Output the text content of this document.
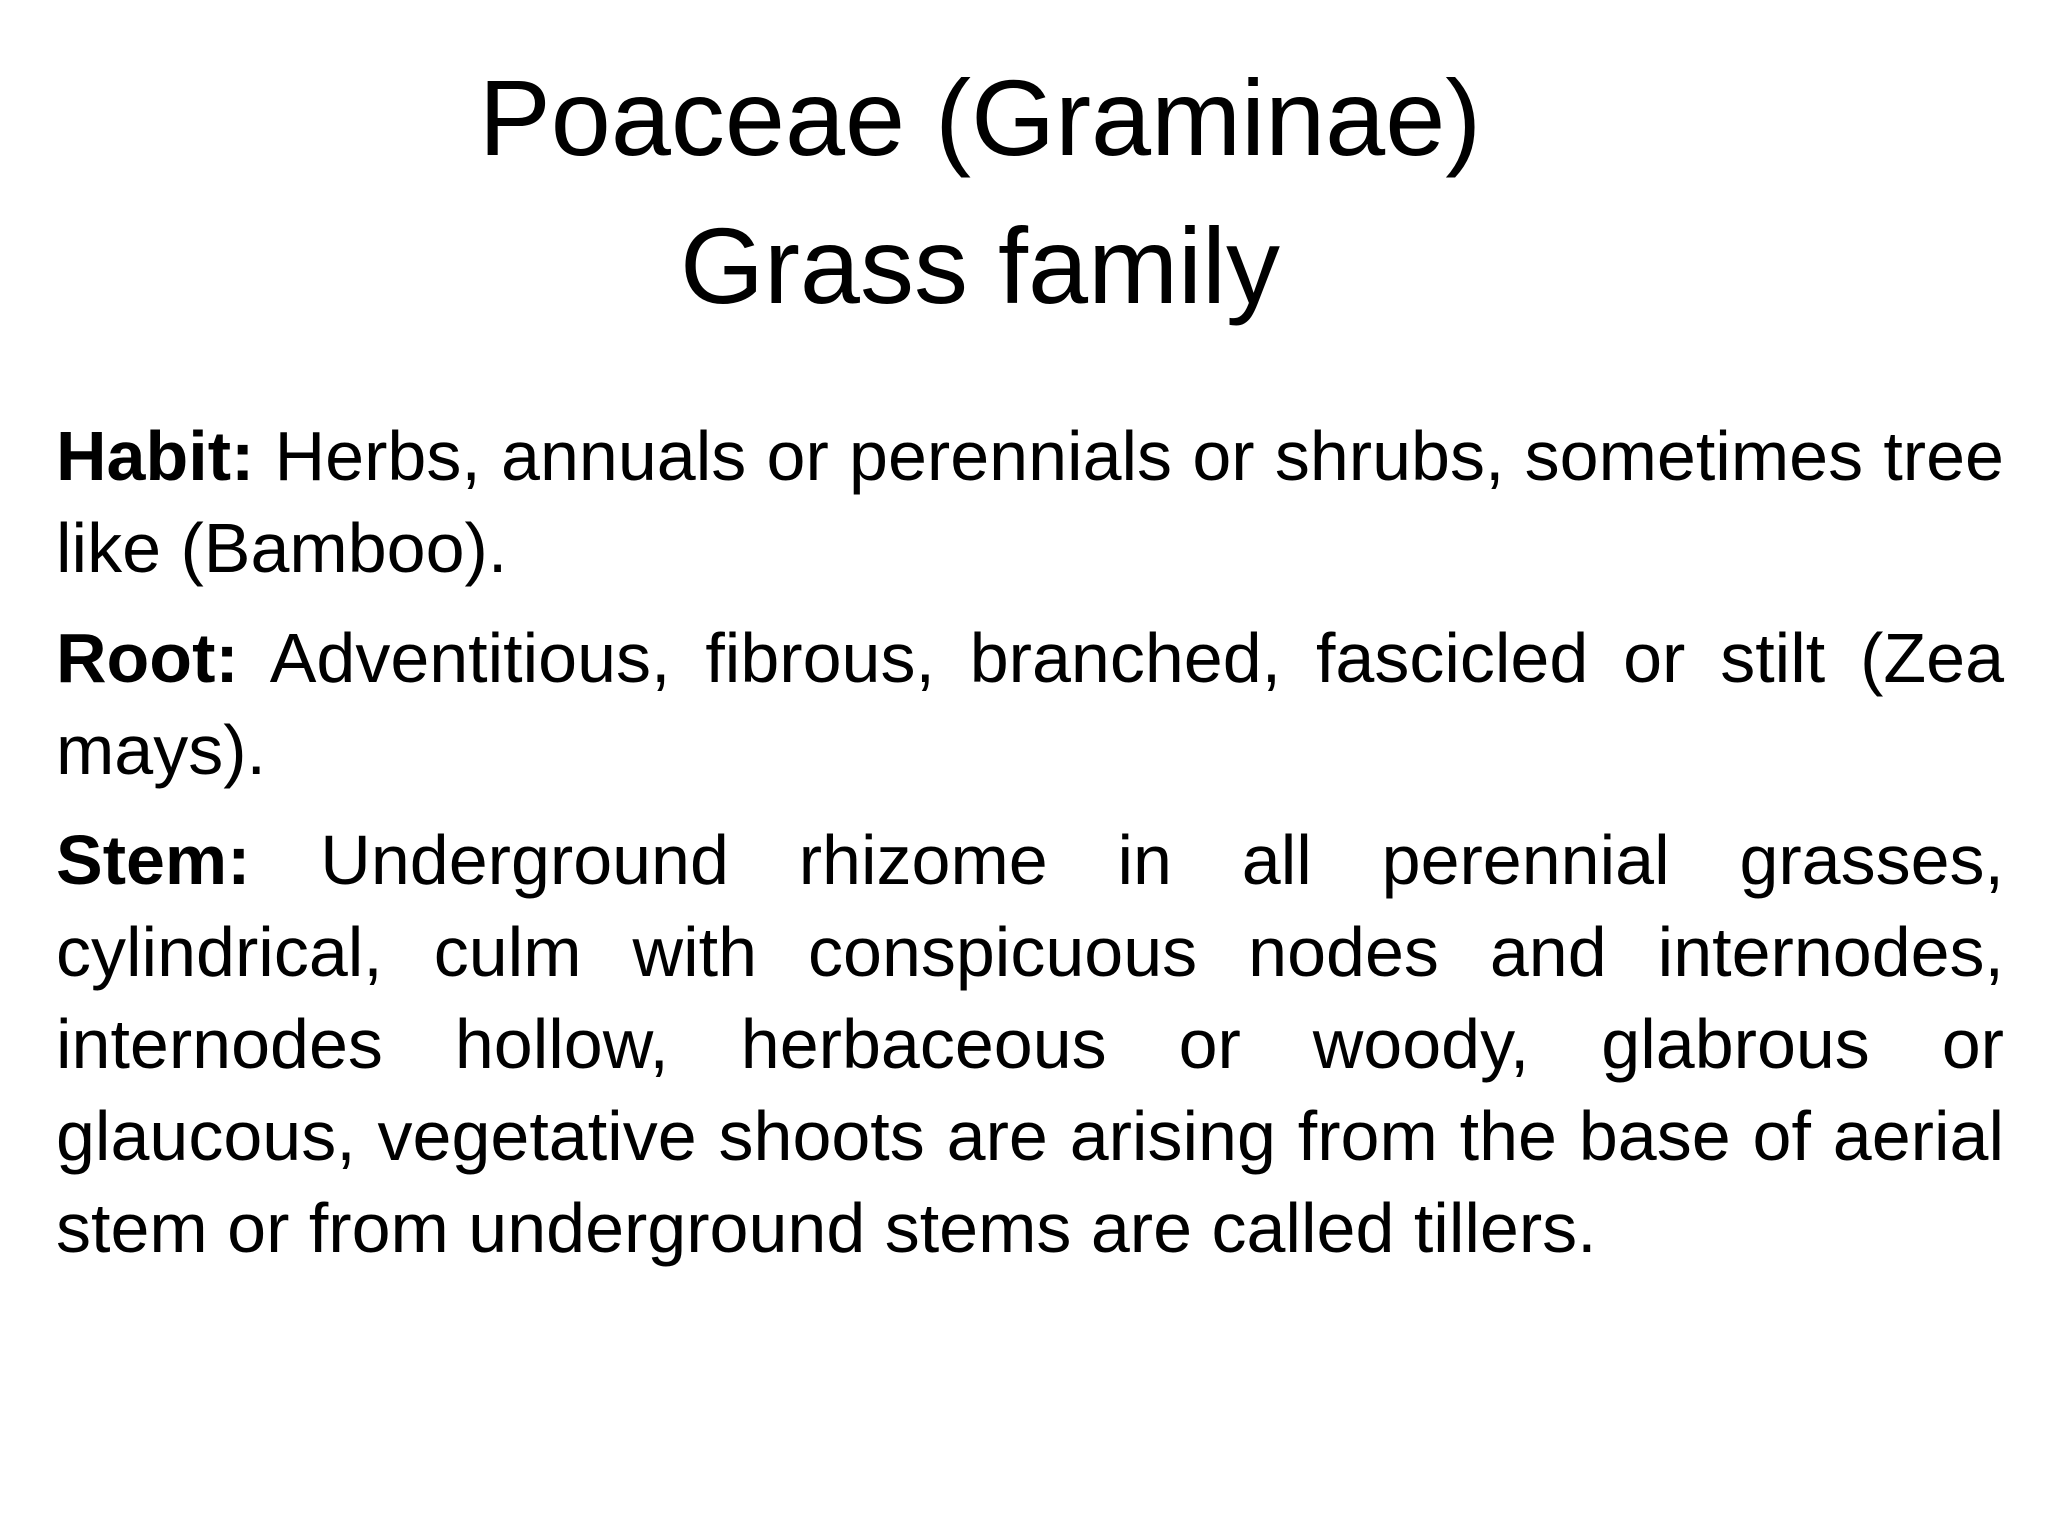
Poaceae (Graminae)
Grass family

Habit: Herbs, annuals or perennials or shrubs, sometimes tree like (Bamboo).

Root: Adventitious, fibrous, branched, fascicled or stilt (Zea mays).

Stem: Underground rhizome in all perennial grasses, cylindrical, culm with conspicuous nodes and internodes, internodes hollow, herbaceous or woody, glabrous or glaucous, vegetative shoots are arising from the base of aerial stem or from underground stems are called tillers.
